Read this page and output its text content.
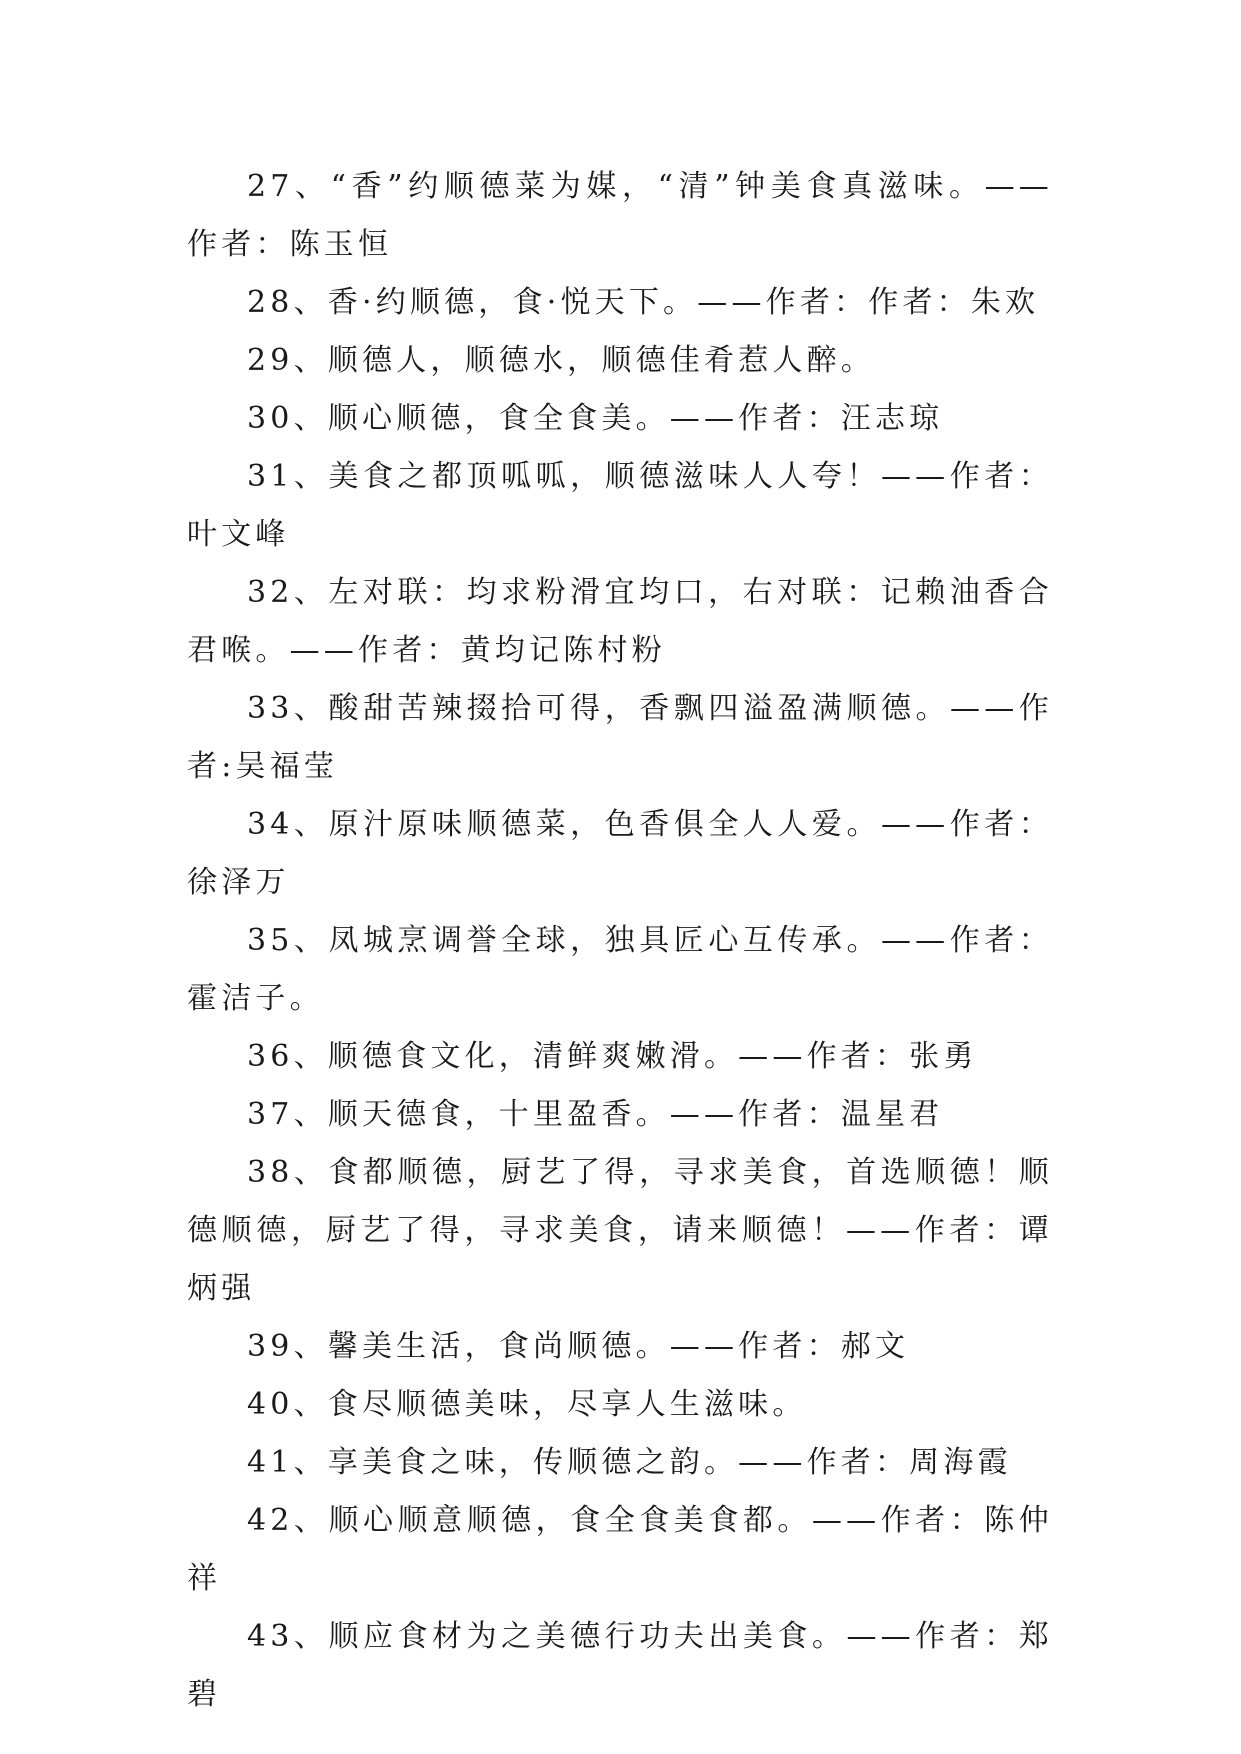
27、“香”约顺德菜为媒，“清”钟美食真滋味。——作者：陈玉恒

28、香·约顺德，食·悦天下。——作者：作者：朱欢

29、顺德人，顺德水，顺德佳肴惹人醉。

30、顺心顺德，食全食美。——作者：汪志琼

31、美食之都顶呱呱，顺德滋味人人夸！——作者：叶文峰

32、左对联：均求粉滑宜均口，右对联：记赖油香合君喉。——作者：黄均记陈村粉

33、酸甜苦辣掇拾可得，香飘四溢盈满顺德。——作者:吴福莹

34、原汁原味顺德菜，色香俱全人人爱。——作者：徐泽万

35、凤城烹调誉全球，独具匠心互传承。——作者：霍洁子。

36、顺德食文化，清鲜爽嫩滑。——作者：张勇

37、顺天德食，十里盈香。——作者：温星君

38、食都顺德，厨艺了得，寻求美食，首选顺德！顺德顺德，厨艺了得，寻求美食，请来顺德！——作者：谭炳强

39、馨美生活，食尚顺德。——作者：郝文

40、食尽顺德美味，尽享人生滋味。

41、享美食之味，传顺德之韵。——作者：周海霞

42、顺心顺意顺德，食全食美食都。——作者：陈仲祥

43、顺应食材为之美德行功夫出美食。——作者：郑碧
